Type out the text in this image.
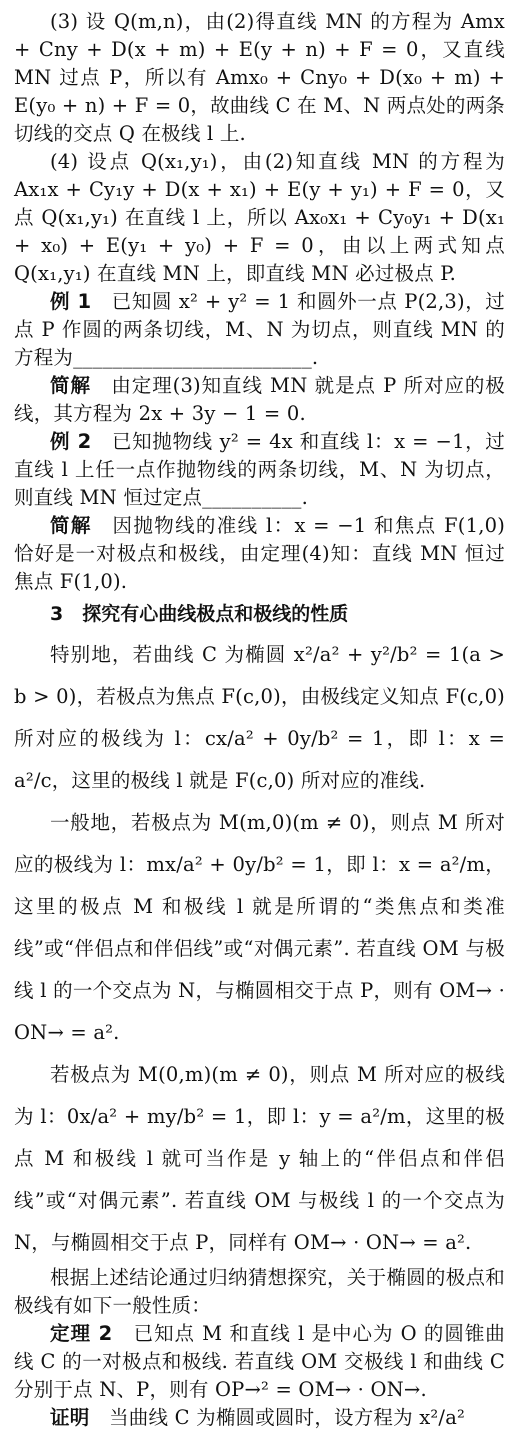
(3) 设 Q(m,n)，由(2)得直线 MN 的方程为 Amx + Cny + D(x + m) + E(y + n) + F = 0，又直线 MN 过点 P，所以有 Amx₀ + Cny₀ + D(x₀ + m) + E(y₀ + n) + F = 0，故曲线 C 在 M、N 两点处的两条切线的交点 Q 在极线 l 上.

(4) 设点 Q(x₁,y₁)，由(2)知直线 MN 的方程为 Ax₁x + Cy₁y + D(x + x₁) + E(y + y₁) + F = 0，又点 Q(x₁,y₁) 在直线 l 上，所以 Ax₀x₁ + Cy₀y₁ + D(x₁ + x₀) + E(y₁ + y₀) + F = 0，由以上两式知点 Q(x₁,y₁) 在直线 MN 上，即直线 MN 必过极点 P.

例 1　已知圆 x² + y² = 1 和圆外一点 P(2,3)，过点 P 作圆的两条切线，M、N 为切点，则直线 MN 的方程为________________________.

简解　由定理(3)知直线 MN 就是点 P 所对应的极线，其方程为 2x + 3y − 1 = 0.

例 2　已知抛物线 y² = 4x 和直线 l：x = −1，过直线 l 上任一点作抛物线的两条切线，M、N 为切点，则直线 MN 恒过定点__________.

简解　因抛物线的准线 l：x = −1 和焦点 F(1,0) 恰好是一对极点和极线，由定理(4)知：直线 MN 恒过焦点 F(1,0).

3　探究有心曲线极点和极线的性质

特别地，若曲线 C 为椭圆 x²/a² + y²/b² = 1(a > b > 0)，若极点为焦点 F(c,0)，由极线定义知点 F(c,0) 所对应的极线为 l：cx/a² + 0y/b² = 1，即 l：x = a²/c，这里的极线 l 就是 F(c,0) 所对应的准线.

一般地，若极点为 M(m,0)(m ≠ 0)，则点 M 所对应的极线为 l：mx/a² + 0y/b² = 1，即 l：x = a²/m，这里的极点 M 和极线 l 就是所谓的“类焦点和类准线”或“伴侣点和伴侣线”或“对偶元素”. 若直线 OM 与极线 l 的一个交点为 N，与椭圆相交于点 P，则有 OM→ · ON→ = a².

若极点为 M(0,m)(m ≠ 0)，则点 M 所对应的极线为 l：0x/a² + my/b² = 1，即 l：y = a²/m，这里的极点 M 和极线 l 就可当作是 y 轴上的“伴侣点和伴侣线”或“对偶元素”. 若直线 OM 与极线 l 的一个交点为 N，与椭圆相交于点 P，同样有 OM→ · ON→ = a².

根据上述结论通过归纳猜想探究，关于椭圆的极点和极线有如下一般性质：

定理 2　已知点 M 和直线 l 是中心为 O 的圆锥曲线 C 的一对极点和极线. 若直线 OM 交极线 l 和曲线 C 分别于点 N、P，则有 OP→² = OM→ · ON→.

证明　当曲线 C 为椭圆或圆时，设方程为 x²/a²
